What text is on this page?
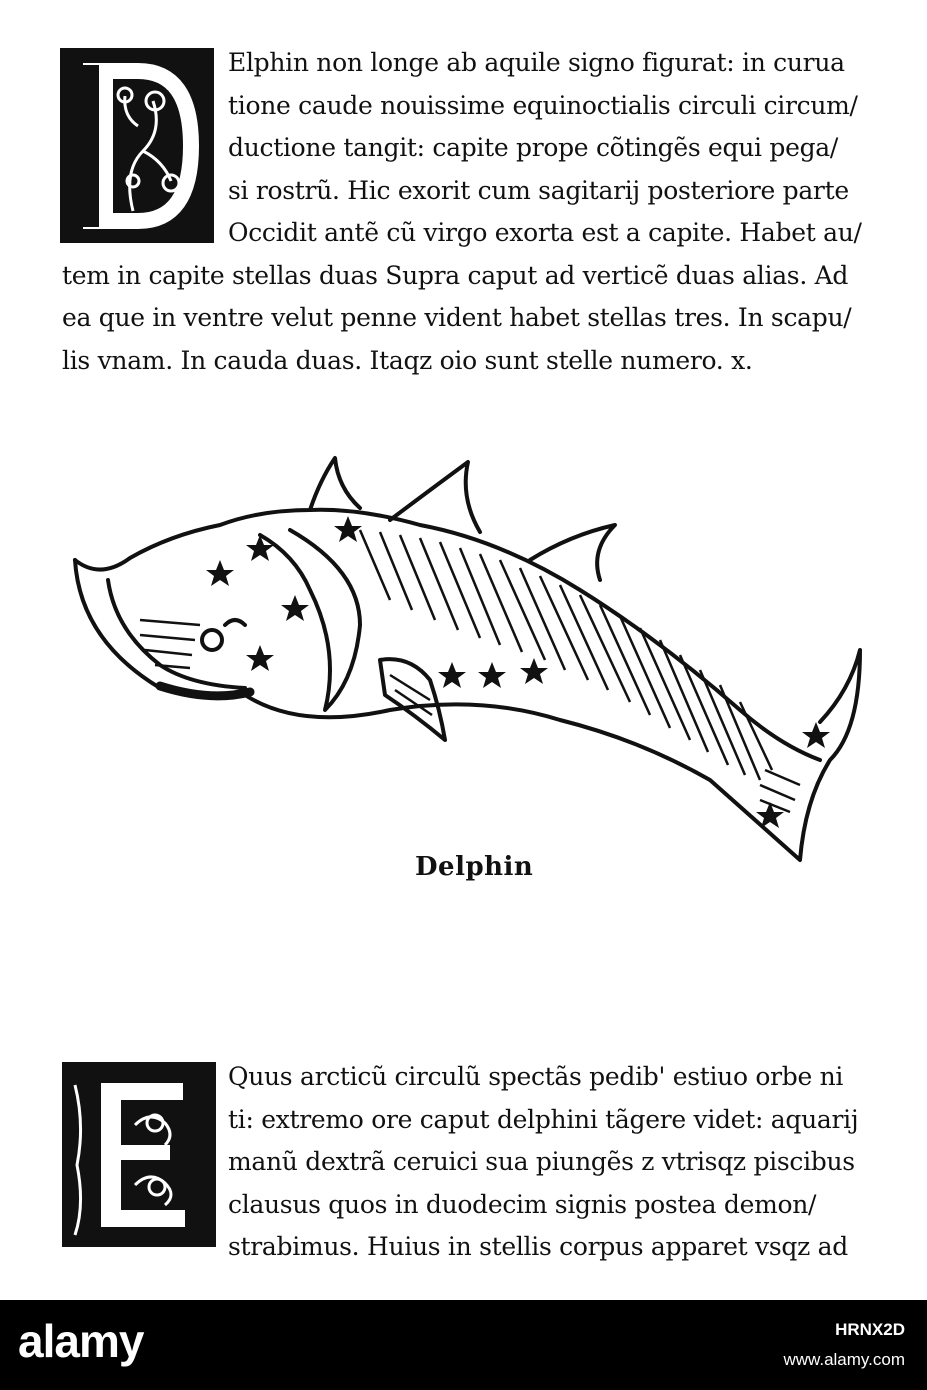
Elphin non longe ab aquile signo figurat: in curua
tione caude nouissime equinoctialis circuli circum/
ductione tangit: capite prope cõtingẽs equi pega/
si rostrũ. Hic exorit cum sagitarij posteriore parte
Occidit antẽ cũ virgo exorta est a capite. Habet au/
tem in capite stellas duas Supra caput ad verticẽ duas alias. Ad
ea que in ventre velut penne vident habet stellas tres. In scapu/
lis vnam. In cauda duas. Itaqz oio sunt stelle numero. x.
Delphin
Quus arcticũ circulũ spectãs pedib' estiuo orbe ni
ti: extremo ore caput delphini tãgere videt: aquarij
manũ dextrã ceruici sua piungẽs z vtrisqz piscibus
clausus quos in duodecim signis postea demon/
strabimus. Huius in stellis corpus apparet vsqz ad
alamy	HRNX2D
www.alamy.com
